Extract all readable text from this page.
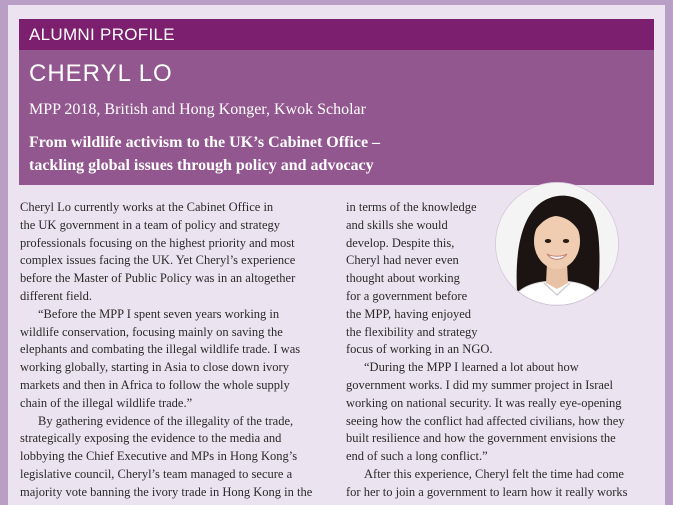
ALUMNI PROFILE
CHERYL LO
MPP 2018, British and Hong Konger, Kwok Scholar
From wildlife activism to the UK’s Cabinet Office –
tackling global issues through policy and advocacy

Cheryl Lo currently works at the Cabinet Office in
the UK government in a team of policy and strategy
professionals focusing on the highest priority and most
complex issues facing the UK. Yet Cheryl’s experience
before the Master of Public Policy was in an altogether
different field.

“Before the MPP I spent seven years working in
wildlife conservation, focusing mainly on saving the
elephants and combating the illegal wildlife trade. I was
working globally, starting in Asia to close down ivory
markets and then in Africa to follow the whole supply
chain of the illegal wildlife trade.”

By gathering evidence of the illegality of the trade,
strategically exposing the evidence to the media and
lobbying the Chief Executive and MPs in Hong Kong’s
legislative council, Cheryl’s team managed to secure a
majority vote banning the ivory trade in Hong Kong in the

in terms of the knowledge
and skills she would
develop. Despite this,
Cheryl had never even
thought about working
for a government before
the MPP, having enjoyed
the flexibility and strategy
focus of working in an NGO.

“During the MPP I learned a lot about how
government works. I did my summer project in Israel
working on national security. It was really eye-opening
seeing how the conflict had affected civilians, how they
built resilience and how the government envisions the
end of such a long conflict.”

After this experience, Cheryl felt the time had come
for her to join a government to learn how it really works
